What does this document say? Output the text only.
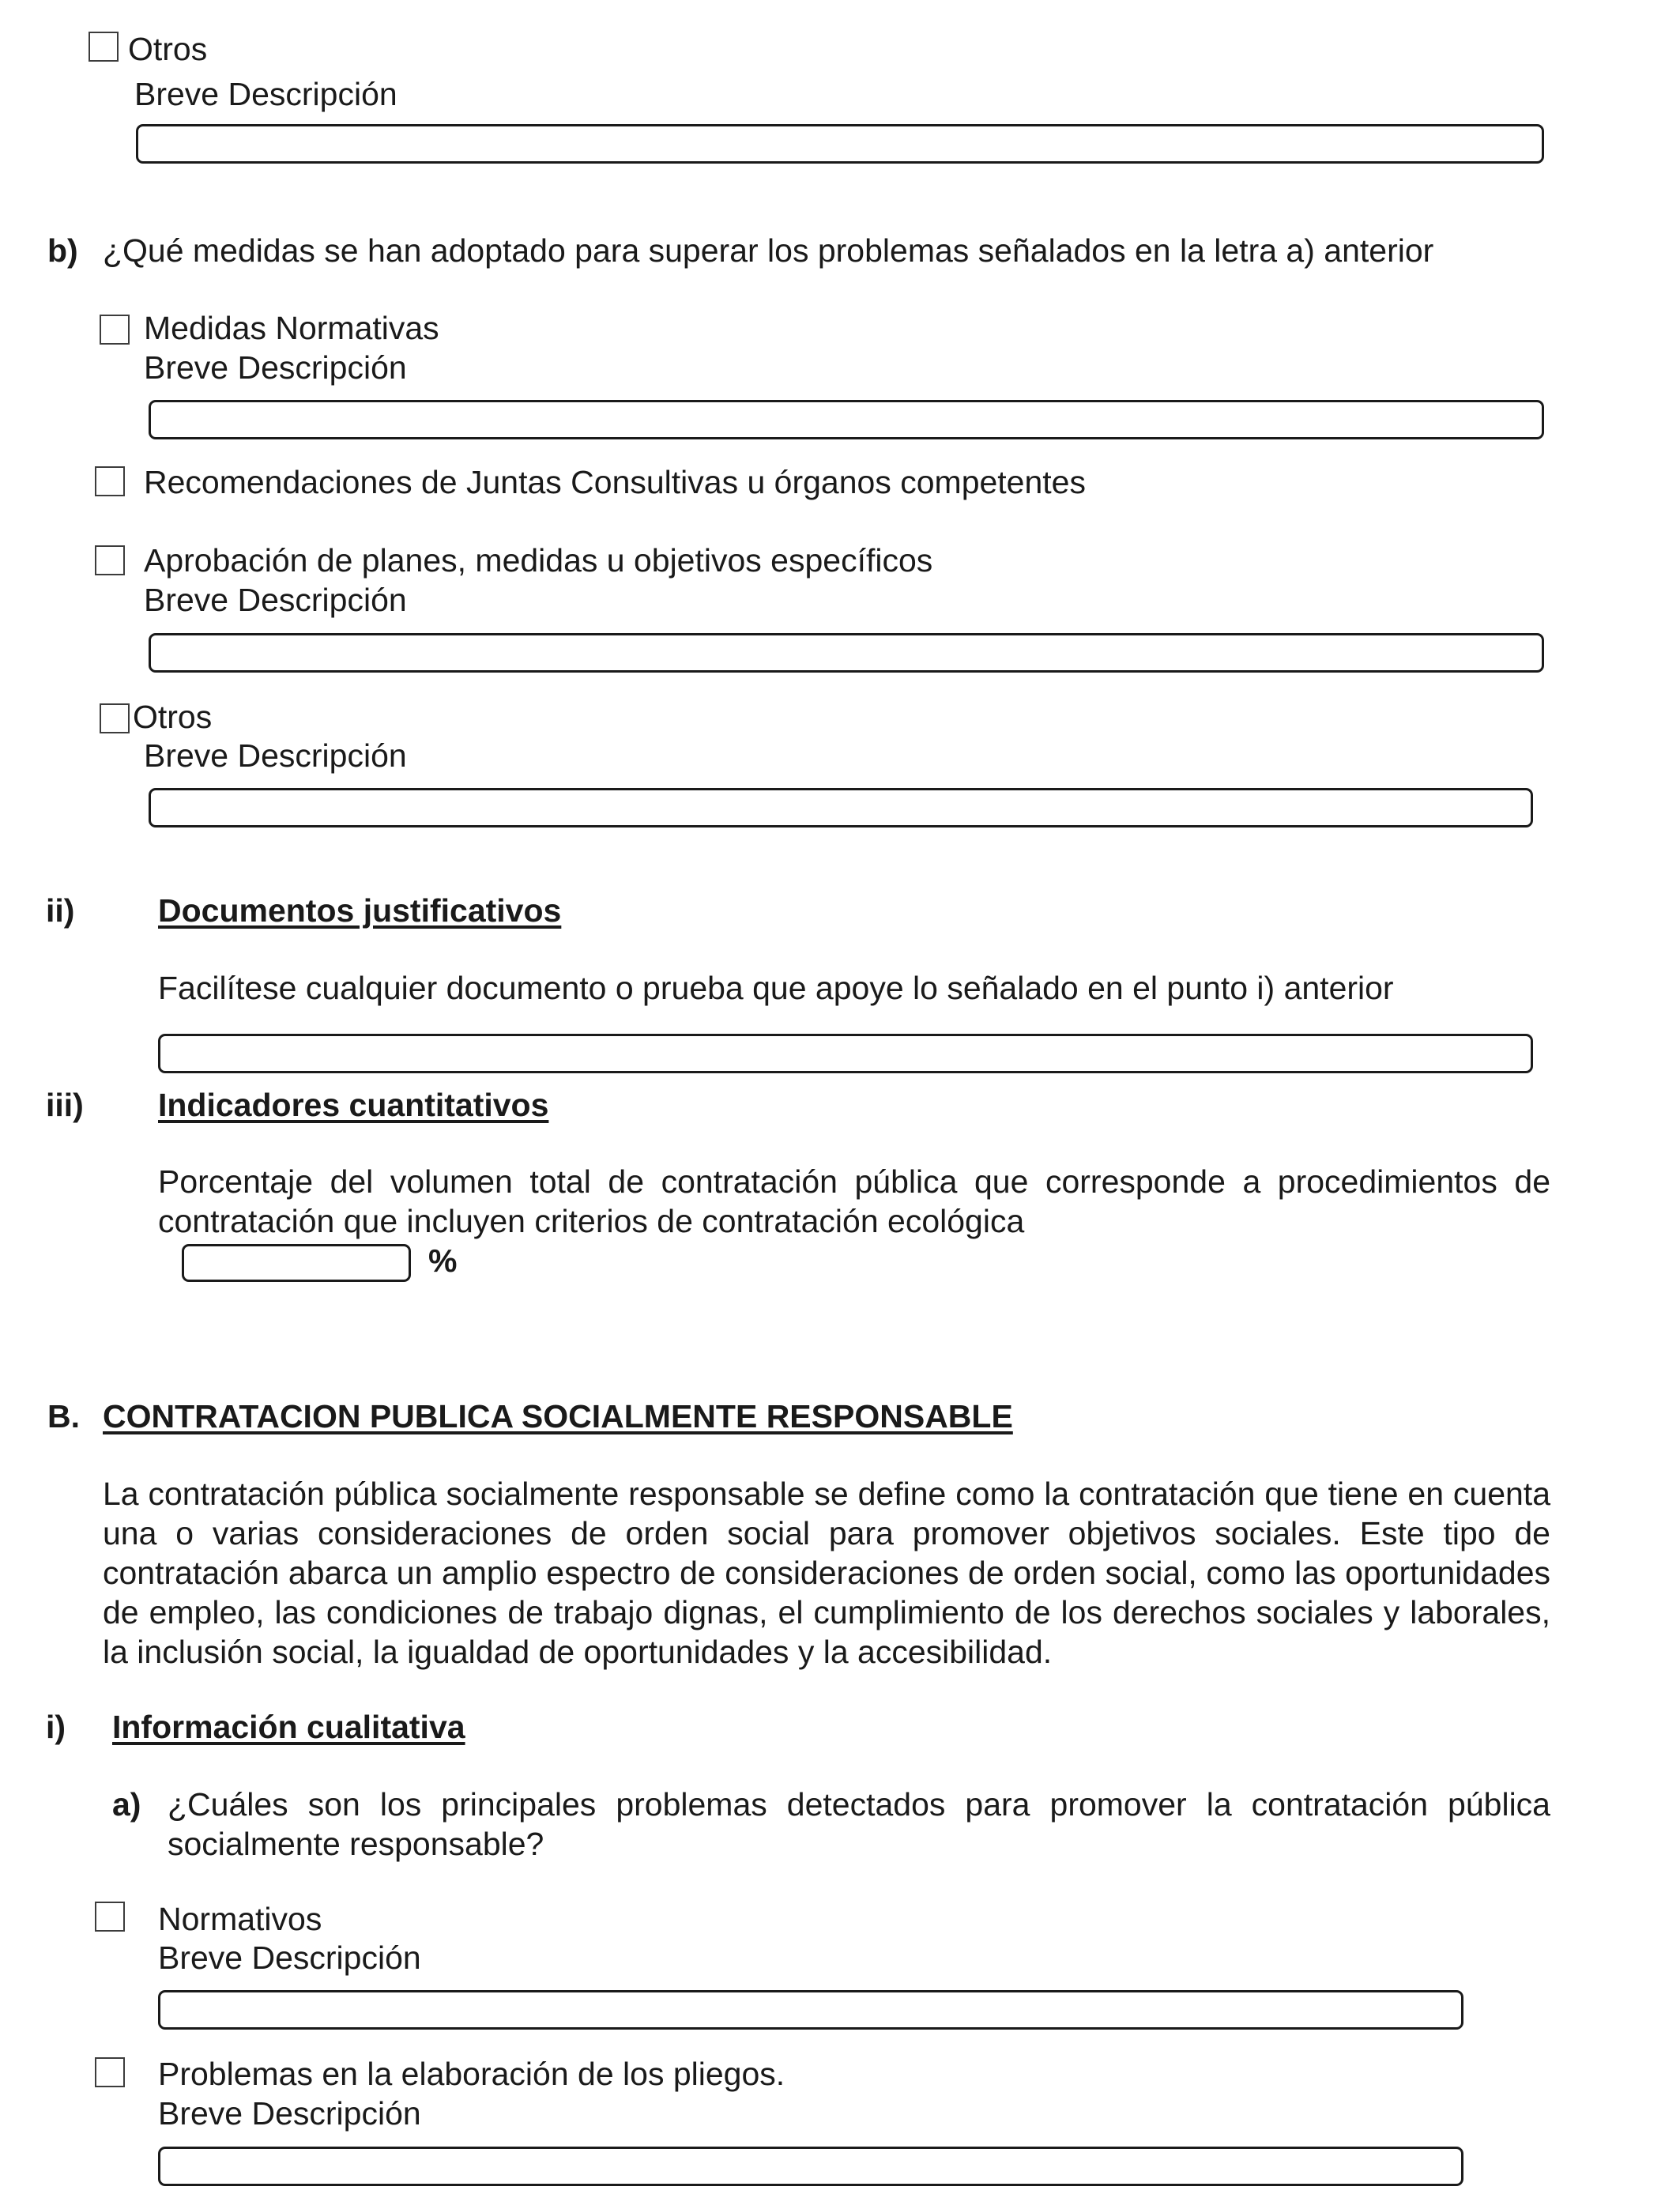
Otros
Breve Descripción
b) ¿Qué medidas se han adoptado para superar los problemas señalados en la letra a) anterior
Medidas Normativas
Breve Descripción
Recomendaciones de Juntas Consultivas u órganos competentes
Aprobación de planes, medidas u objetivos específicos
Breve Descripción
Otros
Breve Descripción
ii)	Documentos justificativos
Facilítese cualquier documento o prueba que apoye lo señalado en el punto i) anterior
iii) Indicadores cuantitativos
Porcentaje del volumen total de contratación pública que corresponde a procedimientos de contratación que incluyen criterios de contratación ecológica
%
B. CONTRATACION PUBLICA SOCIALMENTE RESPONSABLE
La contratación pública socialmente responsable se define como la contratación que tiene en cuenta una o varias consideraciones de orden social para promover objetivos sociales. Este tipo de contratación abarca un amplio espectro de consideraciones de orden social, como las oportunidades de empleo, las condiciones de trabajo dignas, el cumplimiento de los derechos sociales y laborales, la inclusión social, la igualdad de oportunidades y la accesibilidad.
i) Información cualitativa
a) ¿Cuáles son los principales problemas detectados para promover la contratación pública socialmente responsable?
Normativos
Breve Descripción
Problemas en la elaboración de los pliegos.
Breve Descripción
